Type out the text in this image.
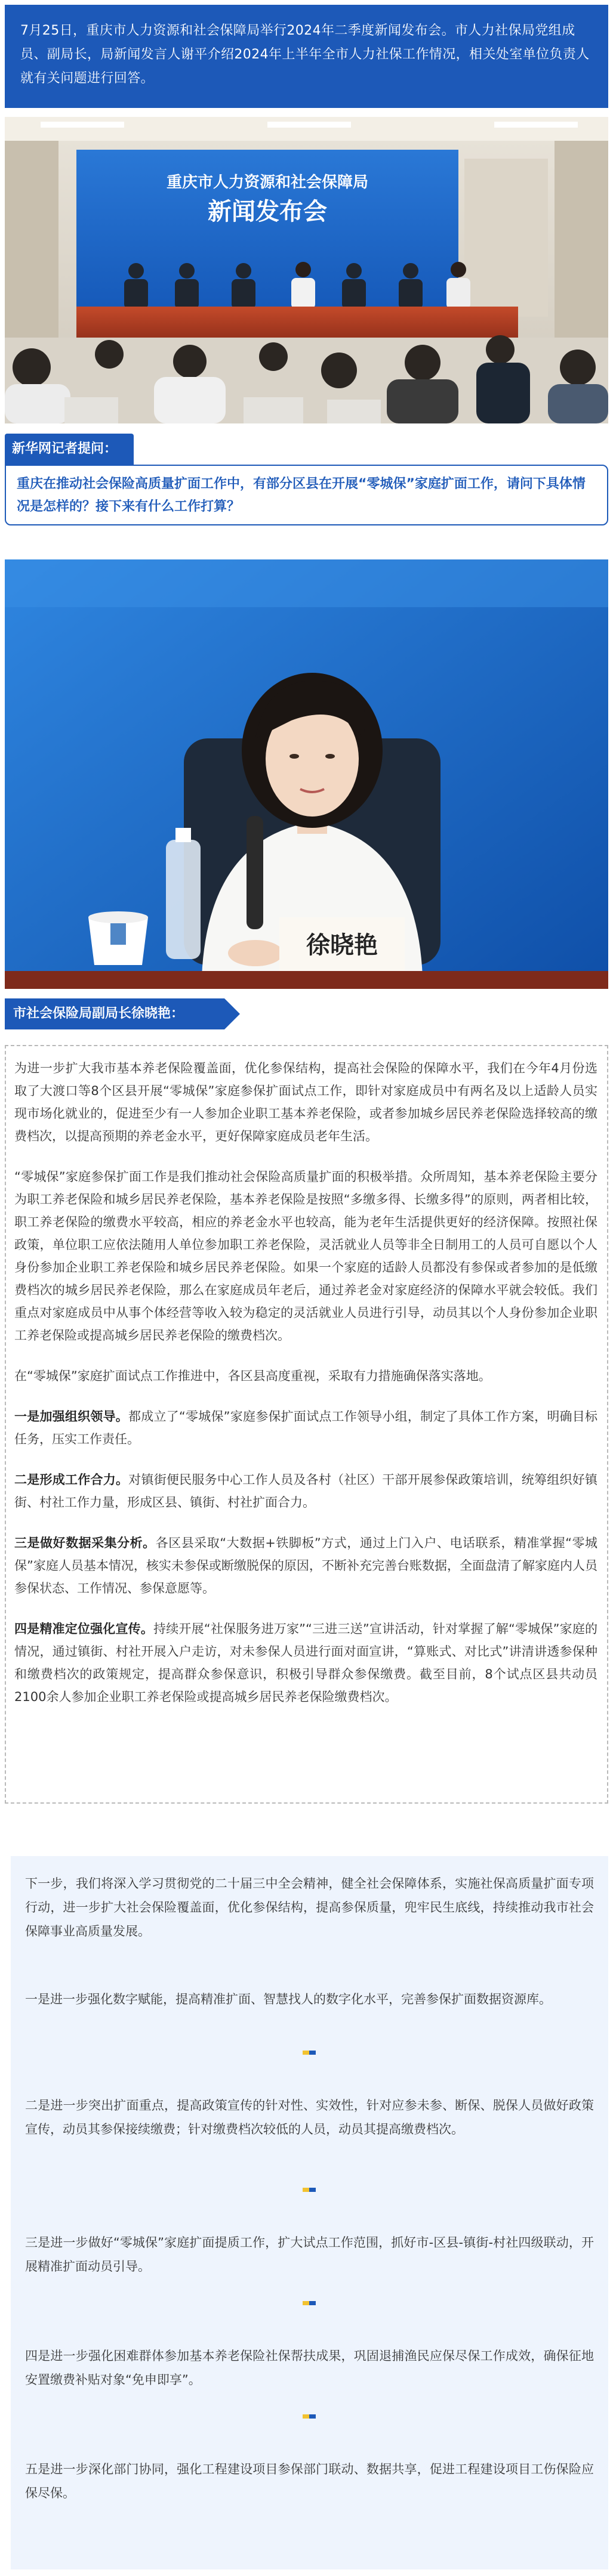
7月25日，重庆市人力资源和社会保障局举行2024年二季度新闻发布会。市人力社保局党组成员、副局长，局新闻发言人谢平介绍2024年上半年全市人力社保工作情况，相关处室单位负责人就有关问题进行回答。
重庆市人力资源和社会保障局
新闻发布会
新华网记者提问：
重庆在推动社会保险高质量扩面工作中，有部分区县在开展“零城保”家庭扩面工作，请问下具体情况是怎样的？接下来有什么工作打算？
徐晓艳
市社会保险局副局长徐晓艳：

为进一步扩大我市基本养老保险覆盖面，优化参保结构，提高社会保险的保障水平，我们在今年4月份选取了大渡口等8个区县开展“零城保”家庭参保扩面试点工作，即针对家庭成员中有两名及以上适龄人员实现市场化就业的，促进至少有一人参加企业职工基本养老保险，或者参加城乡居民养老保险选择较高的缴费档次，以提高预期的养老金水平，更好保障家庭成员老年生活。

“零城保”家庭参保扩面工作是我们推动社会保险高质量扩面的积极举措。众所周知，基本养老保险主要分为职工养老保险和城乡居民养老保险，基本养老保险是按照“多缴多得、长缴多得”的原则，两者相比较，职工养老保险的缴费水平较高，相应的养老金水平也较高，能为老年生活提供更好的经济保障。按照社保政策，单位职工应依法随用人单位参加职工养老保险，灵活就业人员等非全日制用工的人员可自愿以个人身份参加企业职工养老保险和城乡居民养老保险。如果一个家庭的适龄人员都没有参保或者参加的是低缴费档次的城乡居民养老保险，那么在家庭成员年老后，通过养老金对家庭经济的保障水平就会较低。我们重点对家庭成员中从事个体经营等收入较为稳定的灵活就业人员进行引导，动员其以个人身份参加企业职工养老保险或提高城乡居民养老保险的缴费档次。

在“零城保”家庭扩面试点工作推进中，各区县高度重视，采取有力措施确保落实落地。

一是加强组织领导。都成立了“零城保”家庭参保扩面试点工作领导小组，制定了具体工作方案，明确目标任务，压实工作责任。

二是形成工作合力。对镇街便民服务中心工作人员及各村（社区）干部开展参保政策培训，统筹组织好镇街、村社工作力量，形成区县、镇街、村社扩面合力。

三是做好数据采集分析。各区县采取“大数据+铁脚板”方式，通过上门入户、电话联系，精准掌握“零城保”家庭人员基本情况，核实未参保或断缴脱保的原因，不断补充完善台账数据，全面盘清了解家庭内人员参保状态、工作情况、参保意愿等。

四是精准定位强化宣传。持续开展“社保服务进万家”“三进三送”宣讲活动，针对掌握了解“零城保”家庭的情况，通过镇街、村社开展入户走访，对未参保人员进行面对面宣讲，“算账式、对比式”讲清讲透参保种和缴费档次的政策规定，提高群众参保意识，积极引导群众参保缴费。截至目前，8个试点区县共动员2100余人参加企业职工养老保险或提高城乡居民养老保险缴费档次。

下一步，我们将深入学习贯彻党的二十届三中全会精神，健全社会保障体系，实施社保高质量扩面专项行动，进一步扩大社会保险覆盖面，优化参保结构，提高参保质量，兜牢民生底线，持续推动我市社会保障事业高质量发展。
一是进一步强化数字赋能，提高精准扩面、智慧找人的数字化水平，完善参保扩面数据资源库。
二是进一步突出扩面重点，提高政策宣传的针对性、实效性，针对应参未参、断保、脱保人员做好政策宣传，动员其参保接续缴费；针对缴费档次较低的人员，动员其提高缴费档次。
三是进一步做好“零城保”家庭扩面提质工作，扩大试点工作范围，抓好市-区县-镇街-村社四级联动，开展精准扩面动员引导。
四是进一步强化困难群体参加基本养老保险社保帮扶成果，巩固退捕渔民应保尽保工作成效，确保征地安置缴费补贴对象“免申即享”。
五是进一步深化部门协同，强化工程建设项目参保部门联动、数据共享，促进工程建设项目工伤保险应保尽保。
